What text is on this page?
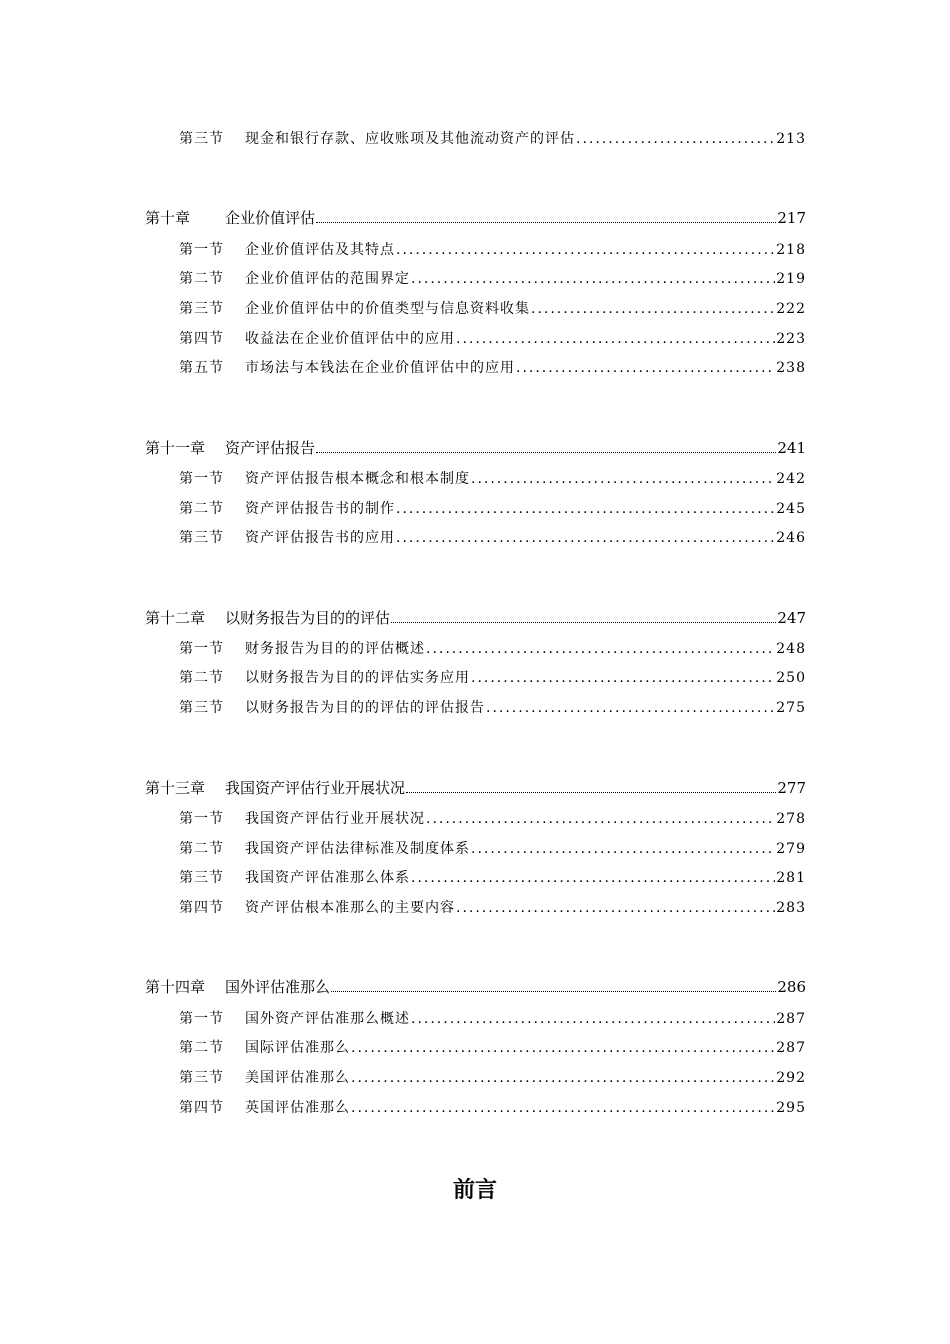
第三节 现金和银行存款、应收账项及其他流动资产的评估 .....	213
第十章 企业价值评估	217
第一节 企业价值评估及其特点 .....	218
第二节 企业价值评估的范围界定 .....	219
第三节 企业价值评估中的价值类型与信息资料收集 .....	222
第四节 收益法在企业价值评估中的应用 .....	223
第五节 市场法与本钱法在企业价值评估中的应用 .....	238
第十一章 资产评估报告	241
第一节 资产评估报告根本概念和根本制度 .....	242
第二节 资产评估报告书的制作 .....	245
第三节 资产评估报告书的应用 .....	246
第十二章 以财务报告为目的的评估	247
第一节 财务报告为目的的评估概述 .....	248
第二节 以财务报告为目的的评估实务应用 .....	250
第三节 以财务报告为目的的评估的评估报告 .....	275
第十三章 我国资产评估行业开展状况	277
第一节 我国资产评估行业开展状况 .....	278
第二节 我国资产评估法律标准及制度体系 .....	279
第三节 我国资产评估准那么体系 .....	281
第四节 资产评估根本准那么的主要内容 .....	283
第十四章 国外评估准那么	286
第一节 国外资产评估准那么概述 .....	287
第二节 国际评估准那么 .....	287
第三节 美国评估准那么 .....	292
第四节 英国评估准那么 .....	295
前言
